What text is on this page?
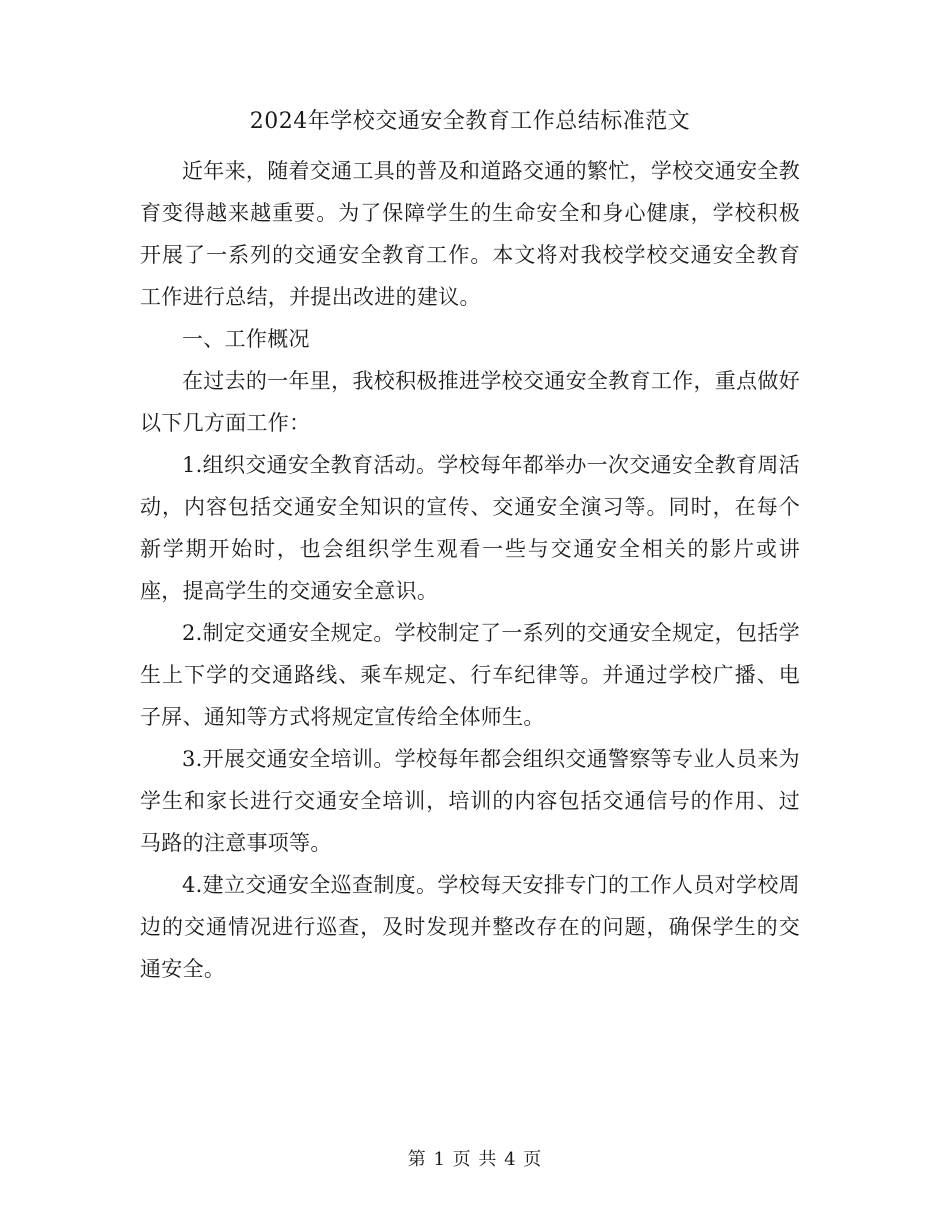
2024年学校交通安全教育工作总结标准范文

近年来，随着交通工具的普及和道路交通的繁忙，学校交通安全教育变得越来越重要。为了保障学生的生命安全和身心健康，学校积极开展了一系列的交通安全教育工作。本文将对我校学校交通安全教育工作进行总结，并提出改进的建议。

一、工作概况

在过去的一年里，我校积极推进学校交通安全教育工作，重点做好以下几方面工作：

1.组织交通安全教育活动。学校每年都举办一次交通安全教育周活动，内容包括交通安全知识的宣传、交通安全演习等。同时，在每个新学期开始时，也会组织学生观看一些与交通安全相关的影片或讲座，提高学生的交通安全意识。

2.制定交通安全规定。学校制定了一系列的交通安全规定，包括学生上下学的交通路线、乘车规定、行车纪律等。并通过学校广播、电子屏、通知等方式将规定宣传给全体师生。

3.开展交通安全培训。学校每年都会组织交通警察等专业人员来为学生和家长进行交通安全培训，培训的内容包括交通信号的作用、过马路的注意事项等。

4.建立交通安全巡查制度。学校每天安排专门的工作人员对学校周边的交通情况进行巡查，及时发现并整改存在的问题，确保学生的交通安全。

第 1 页 共 4 页
